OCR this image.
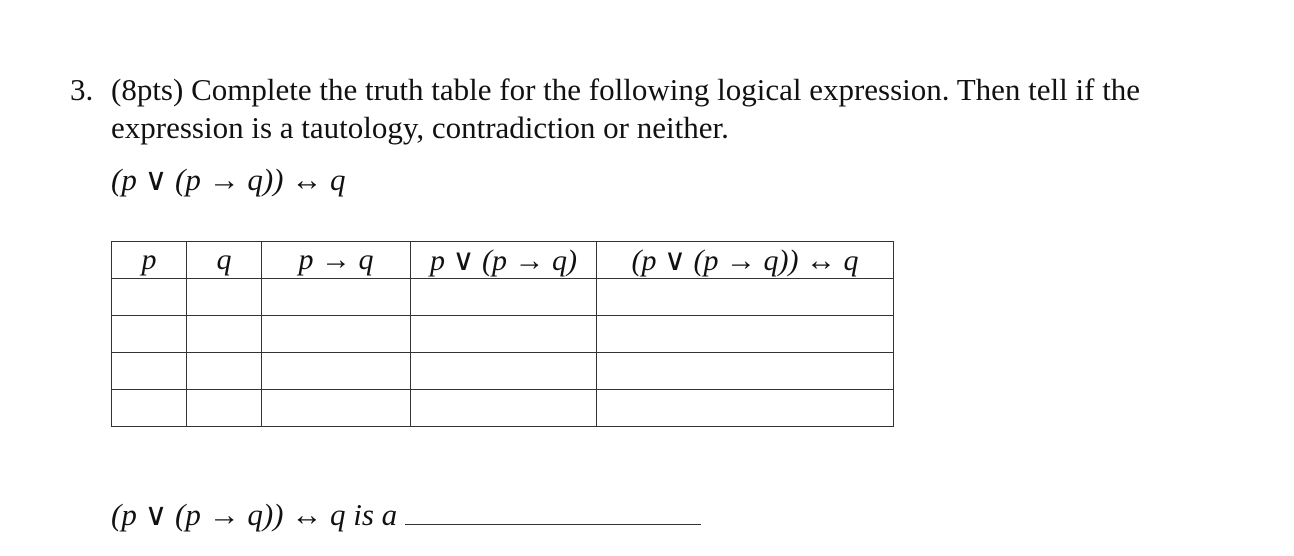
3. (8pts) Complete the truth table for the following logical expression. Then tell if the
expression is a tautology, contradiction or neither.
(p ∨ (p → q)) ↔ q
p	q	p → q	p ∨ (p → q)	(p ∨ (p → q)) ↔ q

(p ∨ (p → q)) ↔ q is a
